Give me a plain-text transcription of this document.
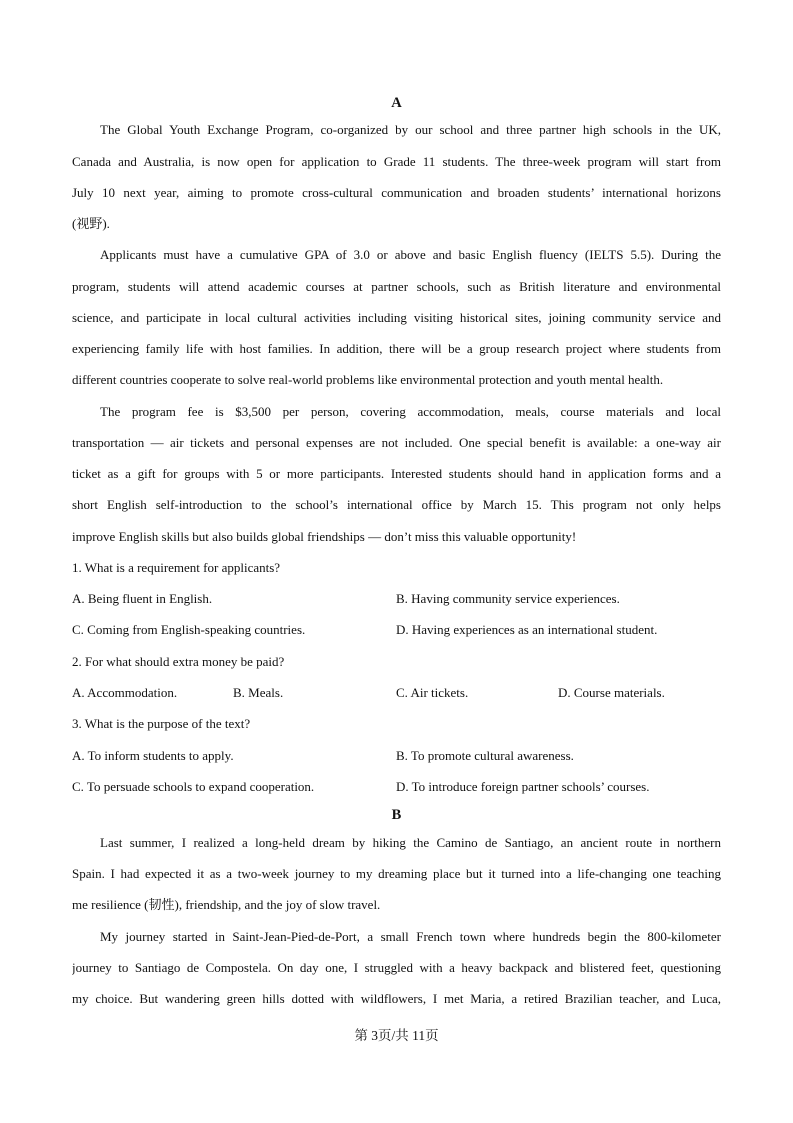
A
The Global Youth Exchange Program, co-organized by our school and three partner high schools in the UK,
Canada and Australia, is now open for application to Grade 11 students. The three-week program will start from
July 10 next year, aiming to promote cross-cultural communication and broaden students’ international horizons
(视野).
Applicants must have a cumulative GPA of 3.0 or above and basic English fluency (IELTS 5.5). During the
program, students will attend academic courses at partner schools, such as British literature and environmental
science, and participate in local cultural activities including visiting historical sites, joining community service and
experiencing family life with host families. In addition, there will be a group research project where students from
different countries cooperate to solve real-world problems like environmental protection and youth mental health.
The program fee is $3,500 per person, covering accommodation, meals, course materials and local
transportation — air tickets and personal expenses are not included. One special benefit is available: a one-way air
ticket as a gift for groups with 5 or more participants. Interested students should hand in application forms and a
short English self-introduction to the school’s international office by March 15. This program not only helps
improve English skills but also builds global friendships — don’t miss this valuable opportunity!
1. What is a requirement for applicants?
A. Being fluent in English.	B. Having community service experiences.
C. Coming from English-speaking countries.	D. Having experiences as an international student.
2. For what should extra money be paid?
A. Accommodation.	B. Meals.	C. Air tickets.	D. Course materials.
3. What is the purpose of the text?
A. To inform students to apply.	B. To promote cultural awareness.
C. To persuade schools to expand cooperation.	D. To introduce foreign partner schools’ courses.
B
Last summer, I realized a long-held dream by hiking the Camino de Santiago, an ancient route in northern
Spain. I had expected it as a two-week journey to my dreaming place but it turned into a life-changing one teaching
me resilience (韧性), friendship, and the joy of slow travel.
My journey started in Saint-Jean-Pied-de-Port, a small French town where hundreds begin the 800-kilometer
journey to Santiago de Compostela. On day one, I struggled with a heavy backpack and blistered feet, questioning
my choice. But wandering green hills dotted with wildflowers, I met Maria, a retired Brazilian teacher, and Luca,
第 3页/共 11页
